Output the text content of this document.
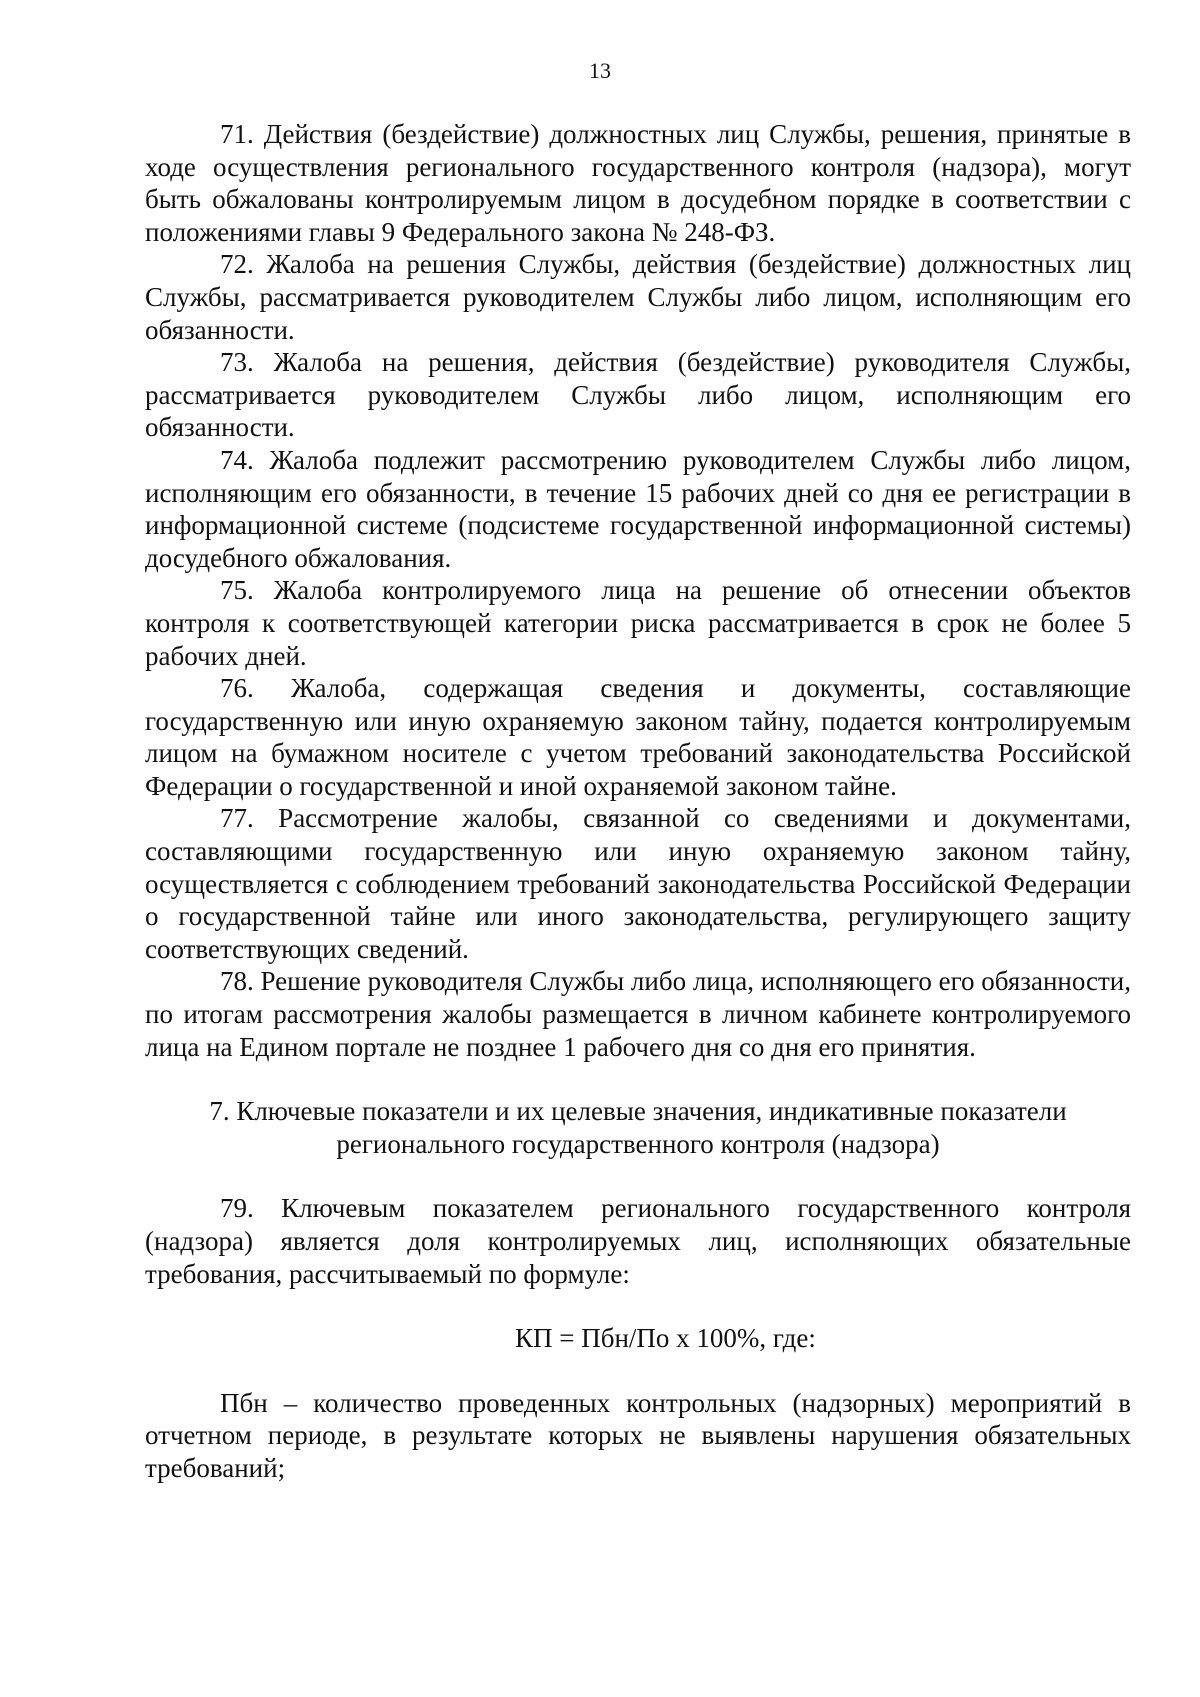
13

71. Действия (бездействие) должностных лиц Службы, решения, принятые в ходе осуществления регионального государственного контроля (надзора), могут быть обжалованы контролируемым лицом в досудебном порядке в соответствии с положениями главы 9 Федерального закона № 248-ФЗ.

72. Жалоба на решения Службы, действия (бездействие) должностных лиц Службы, рассматривается руководителем Службы либо лицом, исполняющим его обязанности.

73. Жалоба на решения, действия (бездействие) руководителя Службы, рассматривается руководителем Службы либо лицом, исполняющим его обязанности.

74. Жалоба подлежит рассмотрению руководителем Службы либо лицом, исполняющим его обязанности, в течение 15 рабочих дней со дня ее регистрации в информационной системе (подсистеме государственной информационной системы) досудебного обжалования.

75. Жалоба контролируемого лица на решение об отнесении объектов контроля к соответствующей категории риска рассматривается в срок не более 5 рабочих дней.

76. Жалоба, содержащая сведения и документы, составляющие государственную или иную охраняемую законом тайну, подается контролируемым лицом на бумажном носителе с учетом требований законодательства Российской Федерации о государственной и иной охраняемой законом тайне.

77. Рассмотрение жалобы, связанной со сведениями и документами, составляющими государственную или иную охраняемую законом тайну, осуществляется с соблюдением требований законодательства Российской Федерации о государственной тайне или иного законодательства, регулирующего защиту соответствующих сведений.

78. Решение руководителя Службы либо лица, исполняющего его обязанности, по итогам рассмотрения жалобы размещается в личном кабинете контролируемого лица на Едином портале не позднее 1 рабочего дня со дня его принятия.

7. Ключевые показатели и их целевые значения, индикативные показатели
регионального государственного контроля (надзора)

79. Ключевым показателем регионального государственного контроля (надзора) является доля контролируемых лиц, исполняющих обязательные требования, рассчитываемый по формуле:

КП = Пбн/По х 100%, где:

Пбн – количество проведенных контрольных (надзорных) мероприятий в отчетном периоде, в результате которых не выявлены нарушения обязательных требований;
